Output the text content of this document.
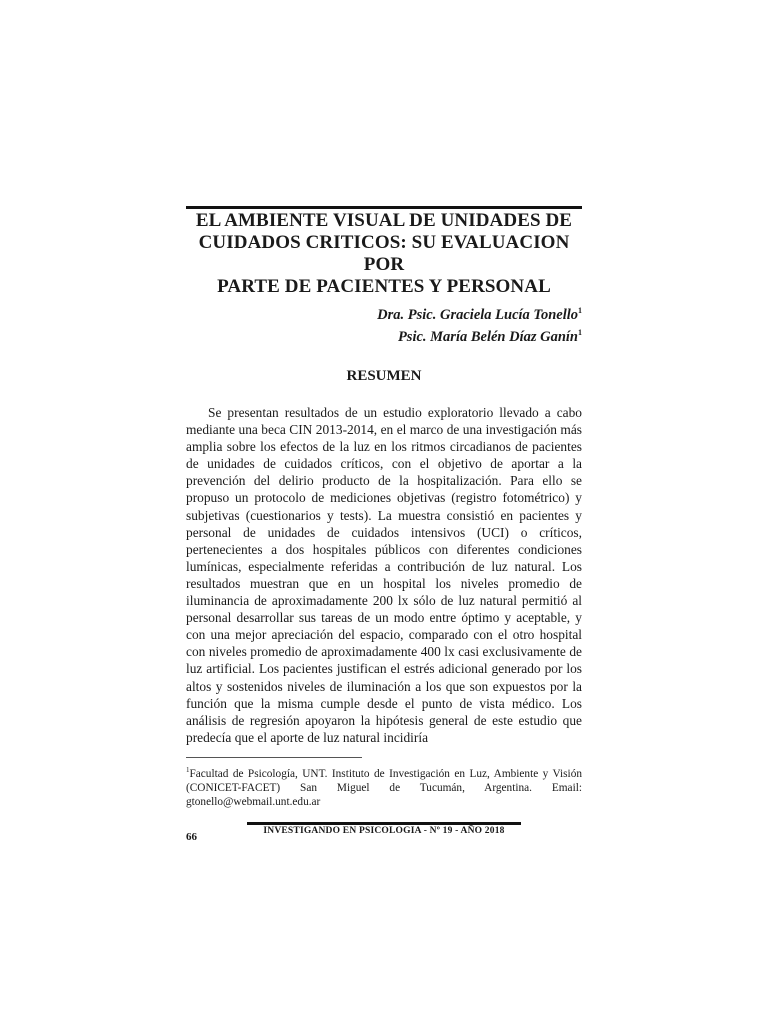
EL AMBIENTE VISUAL DE UNIDADES DE
CUIDADOS CRITICOS: SU EVALUACION POR
PARTE DE PACIENTES Y PERSONAL
Dra. Psic. Graciela Lucía Tonello$^1$
Psic. María Belén Díaz Ganín$^1$
RESUMEN

Se presentan resultados de un estudio exploratorio llevado a cabo mediante una beca CIN 2013-2014, en el marco de una investigación más amplia sobre los efectos de la luz en los ritmos circadianos de pacientes de unidades de cuidados críticos, con el objetivo de aportar a la prevención del delirio producto de la hospitalización. Para ello se propuso un protocolo de mediciones objetivas (registro fotométrico) y subjetivas (cuestionarios y tests). La muestra consistió en pacientes y personal de unidades de cuidados intensivos (UCI) o críticos, pertenecientes a dos hospitales públicos con diferentes condiciones lumínicas, especialmente referidas a contribución de luz natural. Los resultados muestran que en un hospital los niveles promedio de iluminancia de aproximadamente 200 lx sólo de luz natural permitió al personal desarrollar sus tareas de un modo entre óptimo y aceptable, y con una mejor apreciación del espacio, comparado con el otro hospital con niveles promedio de aproximadamente 400 lx casi exclusivamente de luz artificial. Los pacientes justifican el estrés adicional generado por los altos y sostenidos niveles de iluminación a los que son expuestos por la función que la misma cumple desde el punto de vista médico. Los análisis de regresión apoyaron la hipótesis general de este estudio que predecía que el aporte de luz natural incidiría

$^1$Facultad de Psicología, UNT. Instituto de Investigación en Luz, Ambiente y Visión (CONICET-FACET) San Miguel de Tucumán, Argentina. Email: gtonello@webmail.unt.edu.ar

66	INVESTIGANDO EN PSICOLOGIA - Nº 19 - AÑO 2018
